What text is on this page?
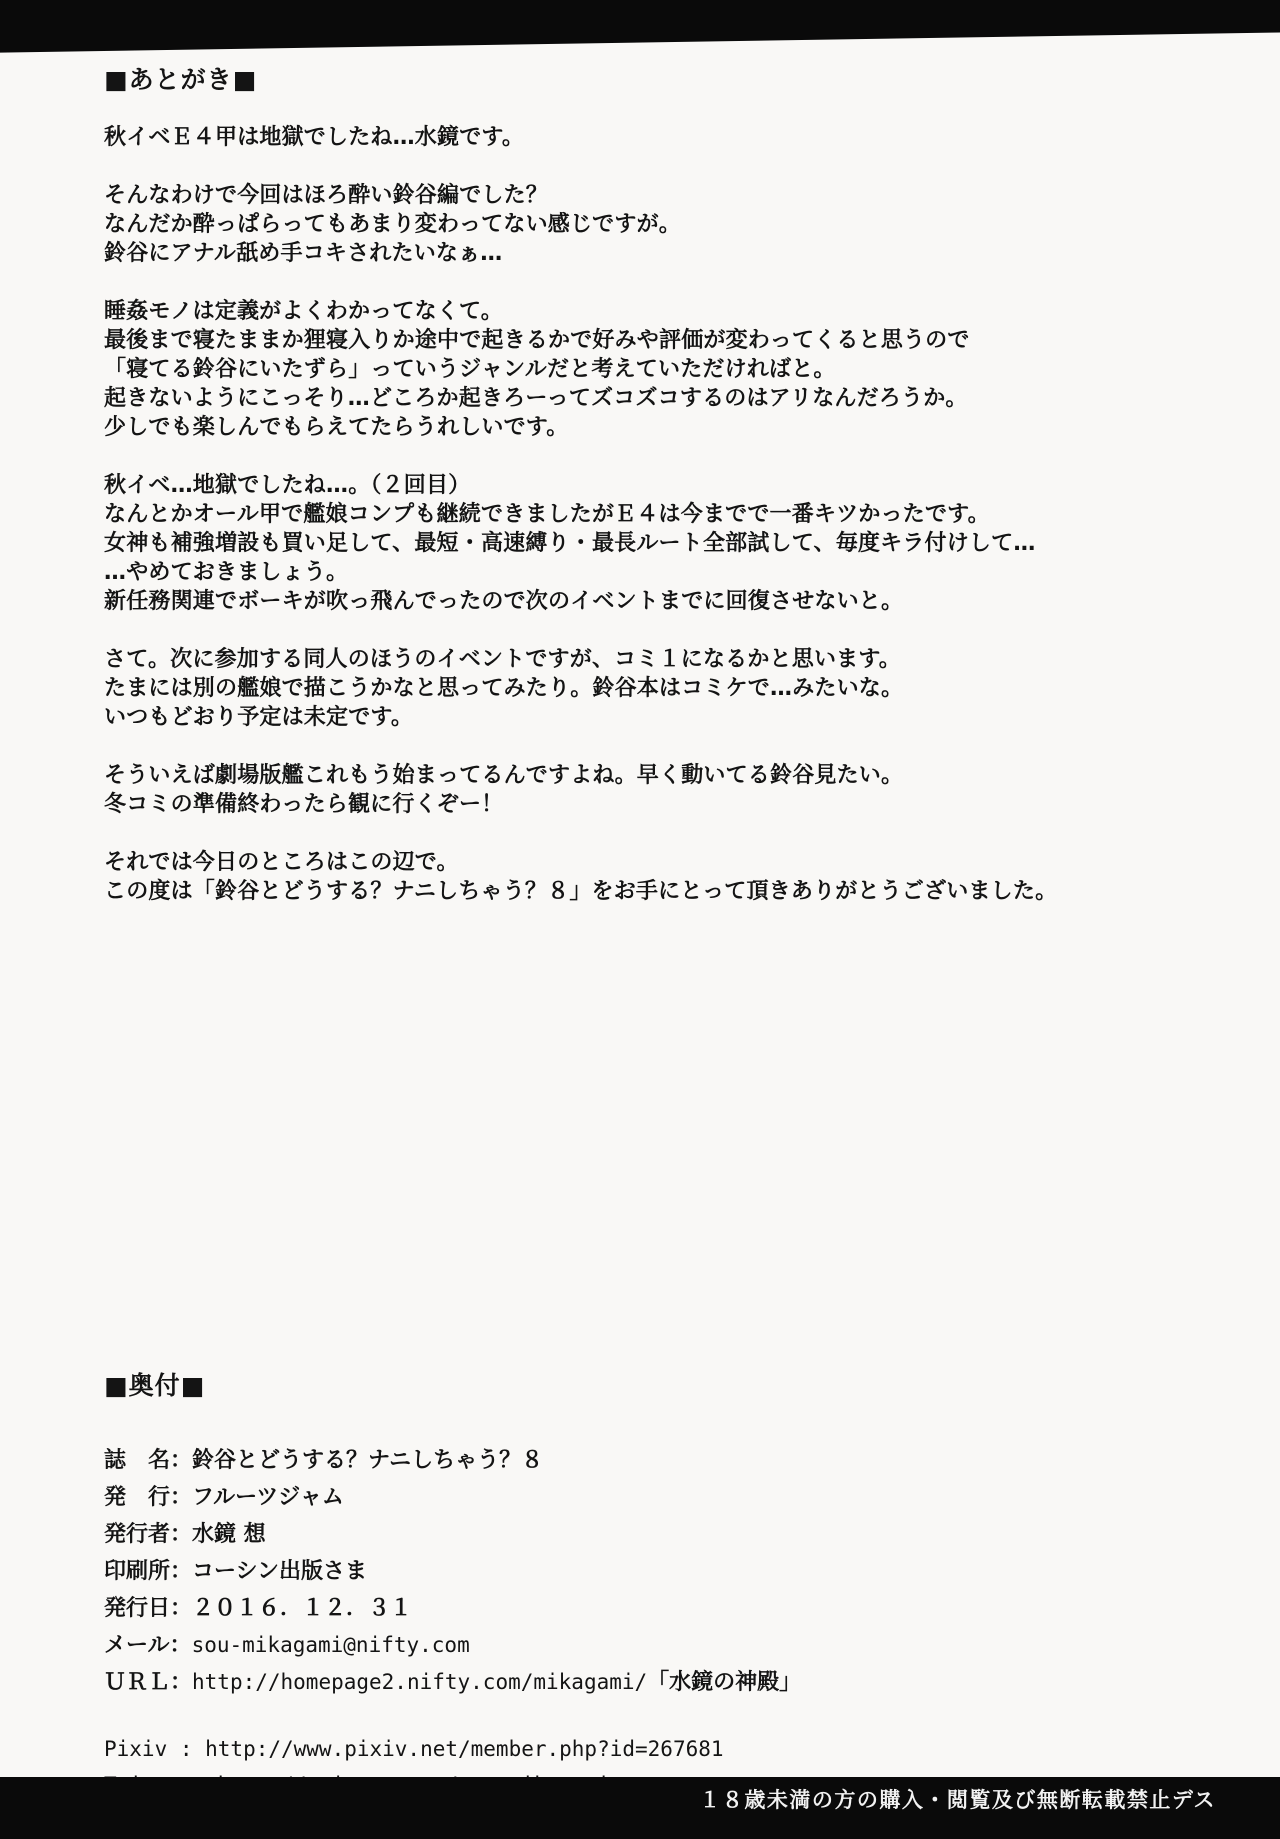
■あとがき■
秋イベＥ４甲は地獄でしたね…水鏡です。
そんなわけで今回はほろ酔い鈴谷編でした？
なんだか酔っぱらってもあまり変わってない感じですが。
鈴谷にアナル舐め手コキされたいなぁ…
睡姦モノは定義がよくわかってなくて。
最後まで寝たままか狸寝入りか途中で起きるかで好みや評価が変わってくると思うので
「寝てる鈴谷にいたずら」っていうジャンルだと考えていただければと。
起きないようにこっそり…どころか起きろーってズコズコするのはアリなんだろうか。
少しでも楽しんでもらえてたらうれしいです。
秋イベ…地獄でしたね…。（２回目）
なんとかオール甲で艦娘コンプも継続できましたがＥ４は今までで一番キツかったです。
女神も補強増設も買い足して、最短・高速縛り・最長ルート全部試して、毎度キラ付けして…
…やめておきましょう。
新任務関連でボーキが吹っ飛んでったので次のイベントまでに回復させないと。
さて。次に参加する同人のほうのイベントですが、コミ１になるかと思います。
たまには別の艦娘で描こうかなと思ってみたり。鈴谷本はコミケで…みたいな。
いつもどおり予定は未定です。
そういえば劇場版艦これもう始まってるんですよね。早く動いてる鈴谷見たい。
冬コミの準備終わったら観に行くぞー！
それでは今日のところはこの辺で。
この度は「鈴谷とどうする？ナニしちゃう？８」をお手にとって頂きありがとうございました。
■奥付■
誌　名：鈴谷とどうする？ナニしちゃう？８
発　行：フルーツジャム
発行者：水鏡 想
印刷所：コーシン出版さま
発行日：２０１６．１２．３１
メール：sou-mikagami@nifty.com
ＵＲＬ：http://homepage2.nifty.com/mikagami/「水鏡の神殿」
Pixiv : http://www.pixiv.net/member.php?id=267681
１８歳未満の方の購入・閲覧及び無断転載禁止デス
